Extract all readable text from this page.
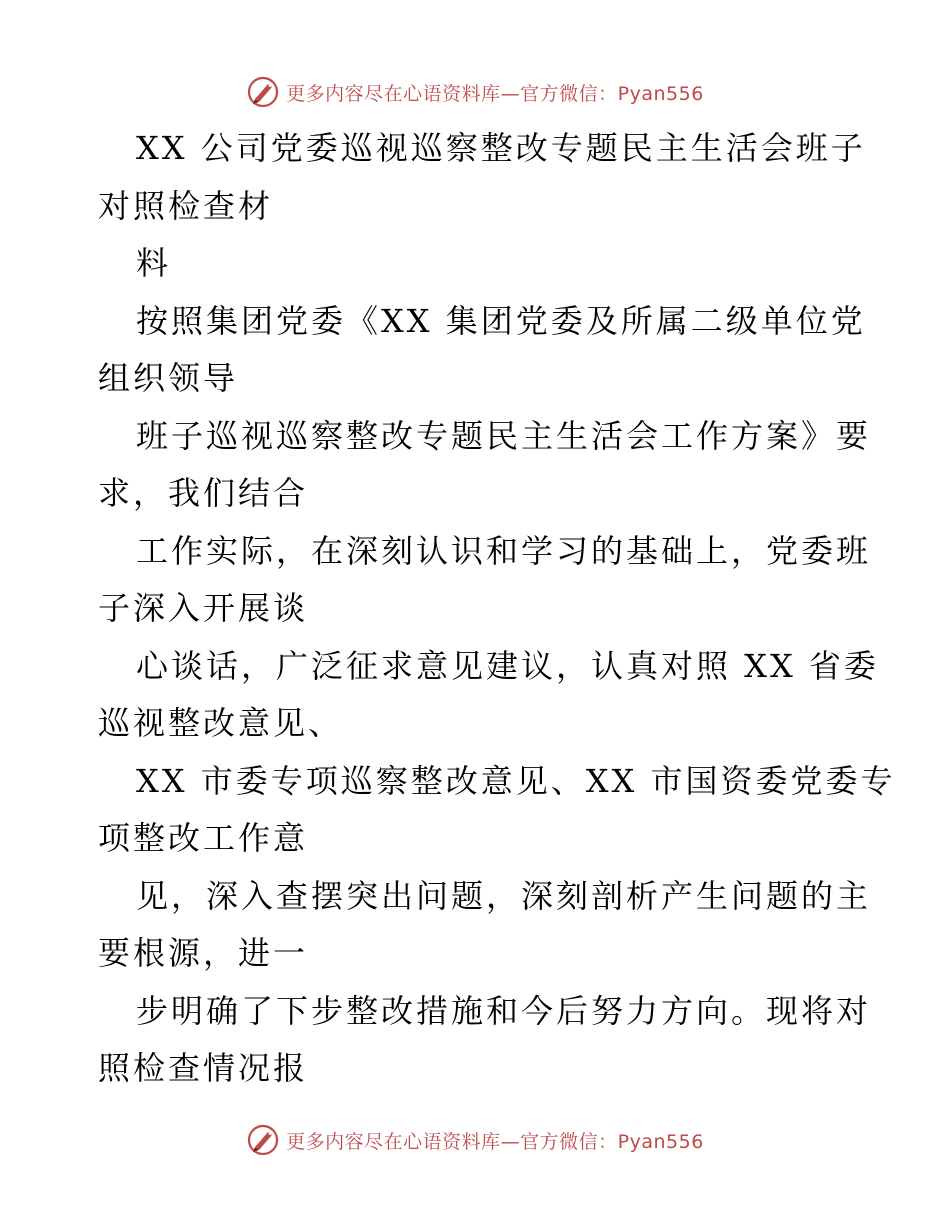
更多内容尽在心语资料库—官方微信：Pyan556
XX 公司党委巡视巡察整改专题民主生活会班子
对照检查材
料
按照集团党委《XX 集团党委及所属二级单位党
组织领导
班子巡视巡察整改专题民主生活会工作方案》要
求，我们结合
工作实际，在深刻认识和学习的基础上，党委班
子深入开展谈
心谈话，广泛征求意见建议，认真对照 XX 省委
巡视整改意见、
XX 市委专项巡察整改意见、XX 市国资委党委专
项整改工作意
见，深入查摆突出问题，深刻剖析产生问题的主
要根源，进一
步明确了下步整改措施和今后努力方向。现将对
照检查情况报
更多内容尽在心语资料库—官方微信：Pyan556
